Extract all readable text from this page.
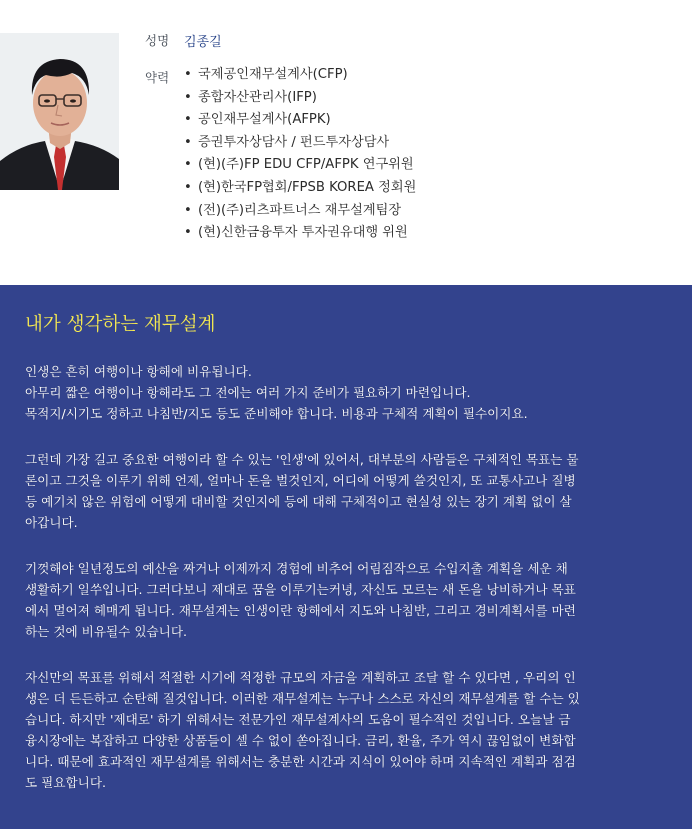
성명 김종길
약력 • 국제공인재무설계사(CFP)
• 종합자산관리사(IFP)
• 공인재무설계사(AFPK)
• 증권투자상담사 / 펀드투자상담사
• (현)(주)FP EDU CFP/AFPK 연구위원
• (현)한국FP협회/FPSB KOREA 정회원
• (전)(주)리츠파트너스 재무설계팀장
• (현)신한금융투자 투자권유대행 위원
내가 생각하는 재무설계
인생은 흔히 여행이나 항해에 비유됩니다.
아무리 짧은 여행이나 항해라도 그 전에는 여러 가지 준비가 필요하기 마련입니다.
목적지/시기도 정하고 나침반/지도 등도 준비해야 합니다. 비용과 구체적 계획이 필수이지요.
그런데 가장 길고 중요한 여행이라 할 수 있는 '인생'에 있어서, 대부분의 사람들은 구체적인 목표는 물
론이고 그것을 이루기 위해 언제, 얼마나 돈을 벌것인지, 어디에 어떻게 쓸것인지, 또 교통사고나 질병
등 예기치 않은 위험에 어떻게 대비할 것인지에 등에 대해 구체적이고 현실성 있는 장기 계획 없이 살
아갑니다.
기껏해야 일년정도의 예산을 짜거나 이제까지 경험에 비추어 어림짐작으로 수입지출 계획을 세운 채
생활하기 일쑤입니다. 그러다보니 제대로 꿈을 이루기는커녕, 자신도 모르는 새 돈을 낭비하거나 목표
에서 멀어져 헤매게 됩니다. 재무설계는 인생이란 항해에서 지도와 나침반, 그리고 경비계획서를 마련
하는 것에 비유될수 있습니다.
자신만의 목표를 위해서 적절한 시기에 적정한 규모의 자금을 계획하고 조달 할 수 있다면 , 우리의 인
생은 더 든든하고 순탄해 질것입니다. 이러한 재무설계는 누구나 스스로 자신의 재무설계를 할 수는 있
습니다. 하지만 '제대로' 하기 위해서는 전문가인 재무설계사의 도움이 필수적인 것입니다. 오늘날 금
융시장에는 복잡하고 다양한 상품들이 셀 수 없이 쏟아집니다. 금리, 환율, 주가 역시 끊임없이 변화합
니다. 때문에 효과적인 재무설계를 위해서는 충분한 시간과 지식이 있어야 하며 지속적인 계획과 점검
도 필요합니다.
